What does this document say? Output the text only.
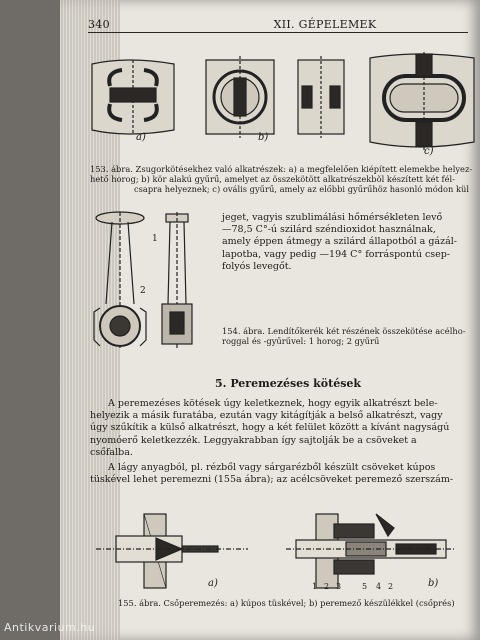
340	XII. GÉPELEMEK
a)	b)
c)
153. ábra. Zsugorkötésekhez való alkatrészek: a) a megfelelően kiépített elemekbe helyez-
hető horog; b) kör alakú gyűrű, amelyet az összekötött alkatrészekbõl készített két fél-
csapra helyeznek; c) ovális gyűrű, amely az előbbi gyűrűhöz hasonló módon kül
1
2
jeget, vagyis szublimálási hőmérsékleten levő
—78,5 C°-ú szilárd széndioxidot használnak,
amely éppen átmegy a szilárd állapotból a gázál-
lapotba, vagy pedig —194 C° forráspontú csep-
folyós levegőt.
154. ábra. Lendítőkerék két részének összekötése acélho-
roggal és -gyűrűvel: 1 horog; 2 gyűrű
5. Peremezéses kötések
A peremezéses kötések úgy keletkeznek, hogy egyik alkatrészt bele-
helyezik a másik furatába, ezután vagy kitágítják a belső alkatrészt, vagy
úgy szűkítik a külső alkatrészt, hogy a két felület között a kívánt nagyságú
nyomóerő keletkezzék. Leggyakrabban így sajtolják be a csöveket a
csőfalba.
A lágy anyagból, pl. rézből vagy sárgarézből készült csöveket kúpos
tüskével lehet peremezni (155a ábra); az acélcsöveket peremező szerszám-
a)	b)
1 2 3	5 4 2
155. ábra. Csőperemezés: a) kúpos tüskével; b) peremező készülékkel (csőprés)
Antikvarium.hu
